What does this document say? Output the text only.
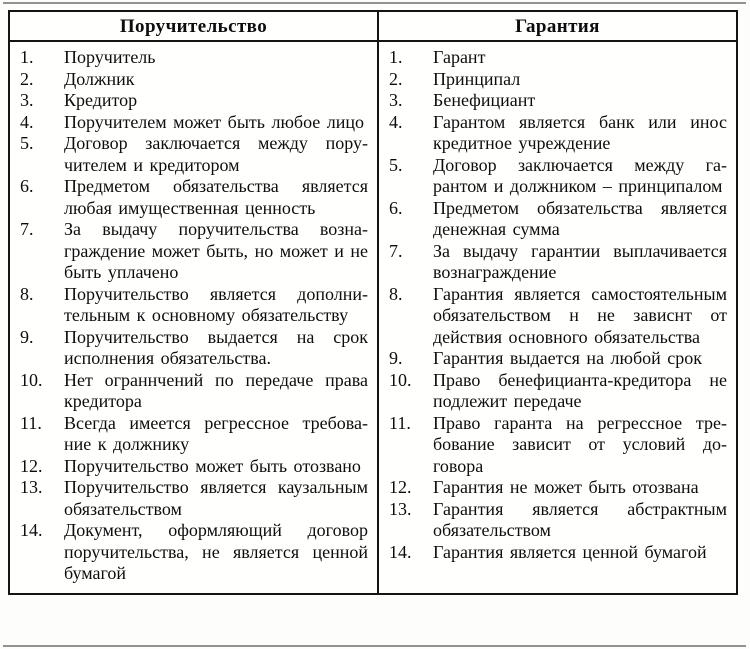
Поручительство
1. Поручитель
2. Должник
3. Кредитор
4. Поручителем может быть любое лицо
5. Договор заключается между поручителем и кредитором
6. Предметом обязательства является любая имущественная ценность
7. За выдачу поручительства вознаграждение может быть, но может и не быть уплачено
8. Поручительство является дополнительным к основному обязательству
9. Поручительство выдается на срок исполнения обязательства.
10. Нет ограннчений по передаче права кредитора
11. Всегда имеется регрессное требование к должнику
12. Поручительство может быть отозвано
13. Поручительство является каузальным обязательством
14. Документ, оформляющий договор поручительства, не является ценной бумагой
Гарантия
1. Гарант
2. Принципал
3. Бенефициант
4. Гарантом является банк или инос кредитное учреждение
5. Договор заключается между гарантом и должником – принципалом
6. Предметом обязательства является денежная сумма
7. За выдачу гарантии выплачивается вознаграждение
8. Гарантия является самостоятельным обязательством н не зависнт от действия основного обязательства
9. Гарантия выдается на любой срок
10. Право бенефицианта-кредитора не подлежит передаче
11. Право гаранта на регрессное требование зависит от условий договора
12. Гарантия не может быть отозвана
13. Гарантия является абстрактным обязательством
14. Гарантия является ценной бумагой
